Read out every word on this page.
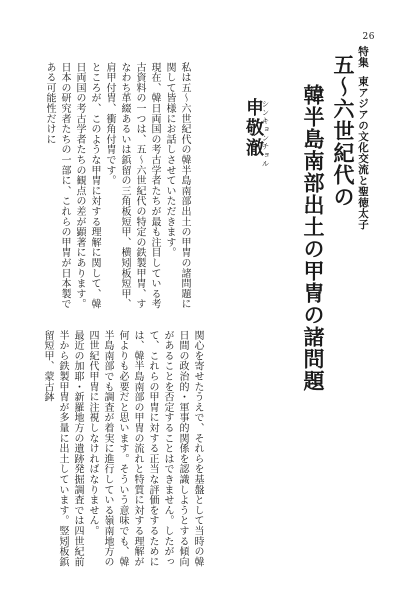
26
特集東アジアの文化交流と聖徳太子
五～六世紀代の
韓半島南部出土の甲冑の諸問題
シンキョンチョル
申敬澈
私は五～六世紀代の韓半島南部出土の甲冑の諸問題に関して皆様にお話しさせていただきます。
現在、韓日両国の考古学者たちが最も注目している考古資料の一つは、五～六世紀代の特定の鉄製甲冑、すなわち革綴あるいは鋲留の三角板短甲、横矧板短甲、肩甲付胄、衝角付冑です。
ところが、このような甲冑に対する理解に関して、韓日両国の考古学者たちの観点の差が顕著にあります。日本の研究者たちの一部に、これらの甲冑が日本製である可能性だけに
関心を寄せたうえで、それらを基盤として当時の韓日間の政治的・軍事的関係を認識しようとする傾向があることを否定することはできません。したがって、これらの甲冑に対する正当な評価をするためには、韓半島南部の甲冑の流れと特質に対する理解が何よりも必要だと思います。そういう意味でも、韓半島南部でも調査が着実に進行している嶺南地方の四世紀代甲冑に注視しなければなりません。
最近の加耶・新羅地方の遺跡発掘調査では四世紀前半から鉄製甲冑が多量に出土しています。竪矧板鋲留短甲、蒙古鉢
